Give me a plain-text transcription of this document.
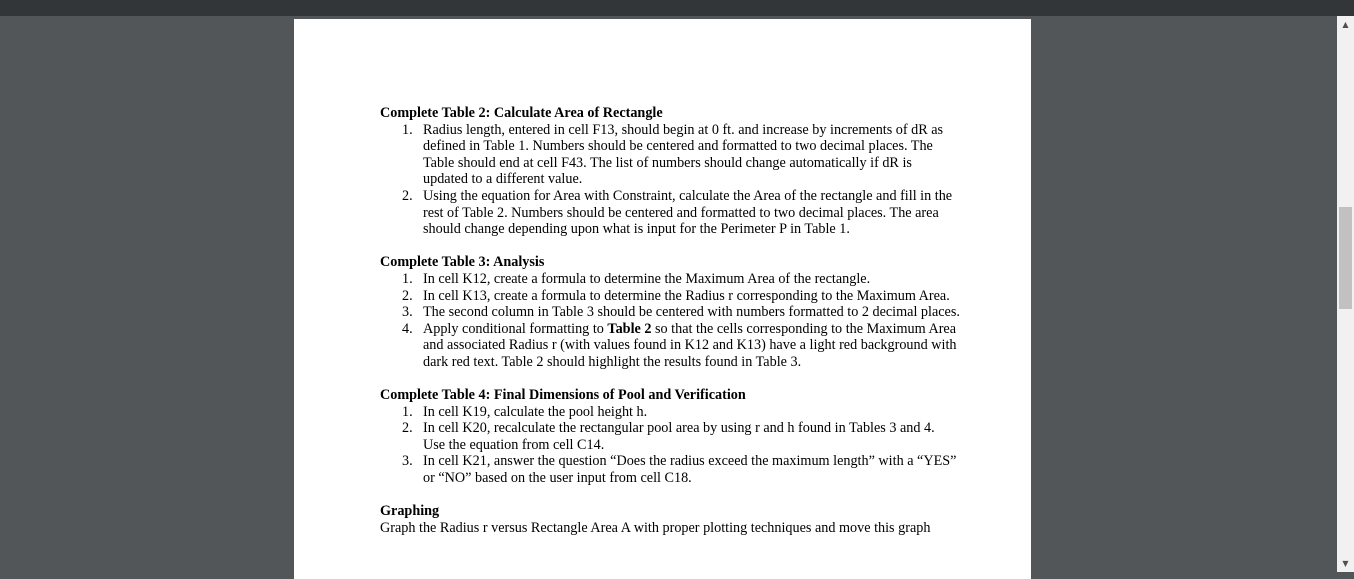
Complete Table 2: Calculate Area of Rectangle
1. Radius length, entered in cell F13, should begin at 0 ft. and increase by increments of dR as defined in Table 1. Numbers should be centered and formatted to two decimal places. The Table should end at cell F43. The list of numbers should change automatically if dR is updated to a different value.
2. Using the equation for Area with Constraint, calculate the Area of the rectangle and fill in the rest of Table 2. Numbers should be centered and formatted to two decimal places. The area should change depending upon what is input for the Perimeter P in Table 1.
Complete Table 3: Analysis
1. In cell K12, create a formula to determine the Maximum Area of the rectangle.
2. In cell K13, create a formula to determine the Radius r corresponding to the Maximum Area.
3. The second column in Table 3 should be centered with numbers formatted to 2 decimal places.
4. Apply conditional formatting to Table 2 so that the cells corresponding to the Maximum Area and associated Radius r (with values found in K12 and K13) have a light red background with dark red text. Table 2 should highlight the results found in Table 3.
Complete Table 4: Final Dimensions of Pool and Verification
1. In cell K19, calculate the pool height h.
2. In cell K20, recalculate the rectangular pool area by using r and h found in Tables 3 and 4. Use the equation from cell C14.
3. In cell K21, answer the question “Does the radius exceed the maximum length” with a “YES” or “NO” based on the user input from cell C18.
Graphing

Graph the Radius r versus Rectangle Area A with proper plotting techniques and move this graph

▲
▼
